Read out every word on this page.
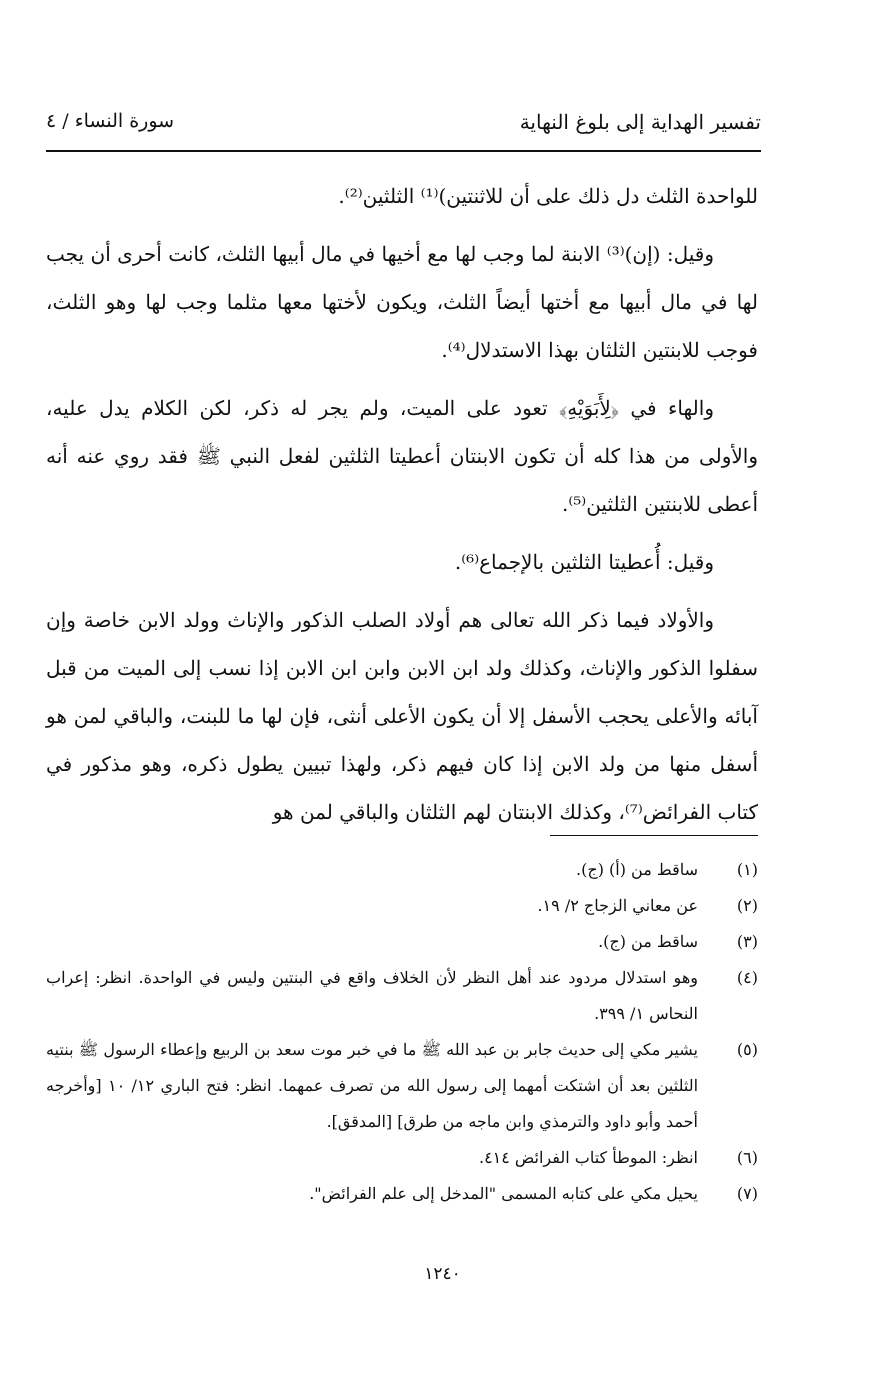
تفسير الهداية إلى بلوغ النهاية
سورة النساء / ٤

للواحدة الثلث دل ذلك على أن للاثنتين)⁽¹⁾ الثلثين⁽²⁾.

وقيل: (إن)⁽³⁾ الابنة لما وجب لها مع أخيها في مال أبيها الثلث، كانت أحرى أن يجب لها في مال أبيها مع أختها أيضاً الثلث، ويكون لأختها معها مثلما وجب لها وهو الثلث، فوجب للابنتين الثلثان بهذا الاستدلال⁽⁴⁾.

والهاء في ﴿لِأَبَوَيْهِ﴾ تعود على الميت، ولم يجر له ذكر، لكن الكلام يدل عليه، والأولى من هذا كله أن تكون الابنتان أعطيتا الثلثين لفعل النبي ﷺ فقد روي عنه أنه أعطى للابنتين الثلثين⁽⁵⁾.

وقيل: أُعطيتا الثلثين بالإجماع⁽⁶⁾.

والأولاد فيما ذكر الله تعالى هم أولاد الصلب الذكور والإناث وولد الابن خاصة وإن سفلوا الذكور والإناث، وكذلك ولد ابن الابن وابن ابن الابن إذا نسب إلى الميت من قبل آبائه والأعلى يحجب الأسفل إلا أن يكون الأعلى أنثى، فإن لها ما للبنت، والباقي لمن هو أسفل منها من ولد الابن إذا كان فيهم ذكر، ولهذا تبيين يطول ذكره، وهو مذكور في كتاب الفرائض⁽⁷⁾، وكذلك الابنتان لهم الثلثان والباقي لمن هو

(١)
ساقط من (أ) (ج).
(٢)
عن معاني الزجاج ٢/ ١٩.
(٣)
ساقط من (ج).
(٤)
وهو استدلال مردود عند أهل النظر لأن الخلاف واقع في البنتين وليس في الواحدة. انظر: إعراب النحاس ١/ ٣٩٩.
(٥)
يشير مكي إلى حديث جابر بن عبد الله ﷺ ما في خبر موت سعد بن الربيع وإعطاء الرسول ﷺ بنتيه الثلثين بعد أن اشتكت أمهما إلى رسول الله من تصرف عمهما. انظر: فتح الباري ١٢/ ١٠ [وأخرجه أحمد وأبو داود والترمذي وابن ماجه من طرق] [المدقق].
(٦)
انظر: الموطأ كتاب الفرائض ٤١٤.
(٧)
يحيل مكي على كتابه المسمى "المدخل إلى علم الفرائض".
١٢٤٠
